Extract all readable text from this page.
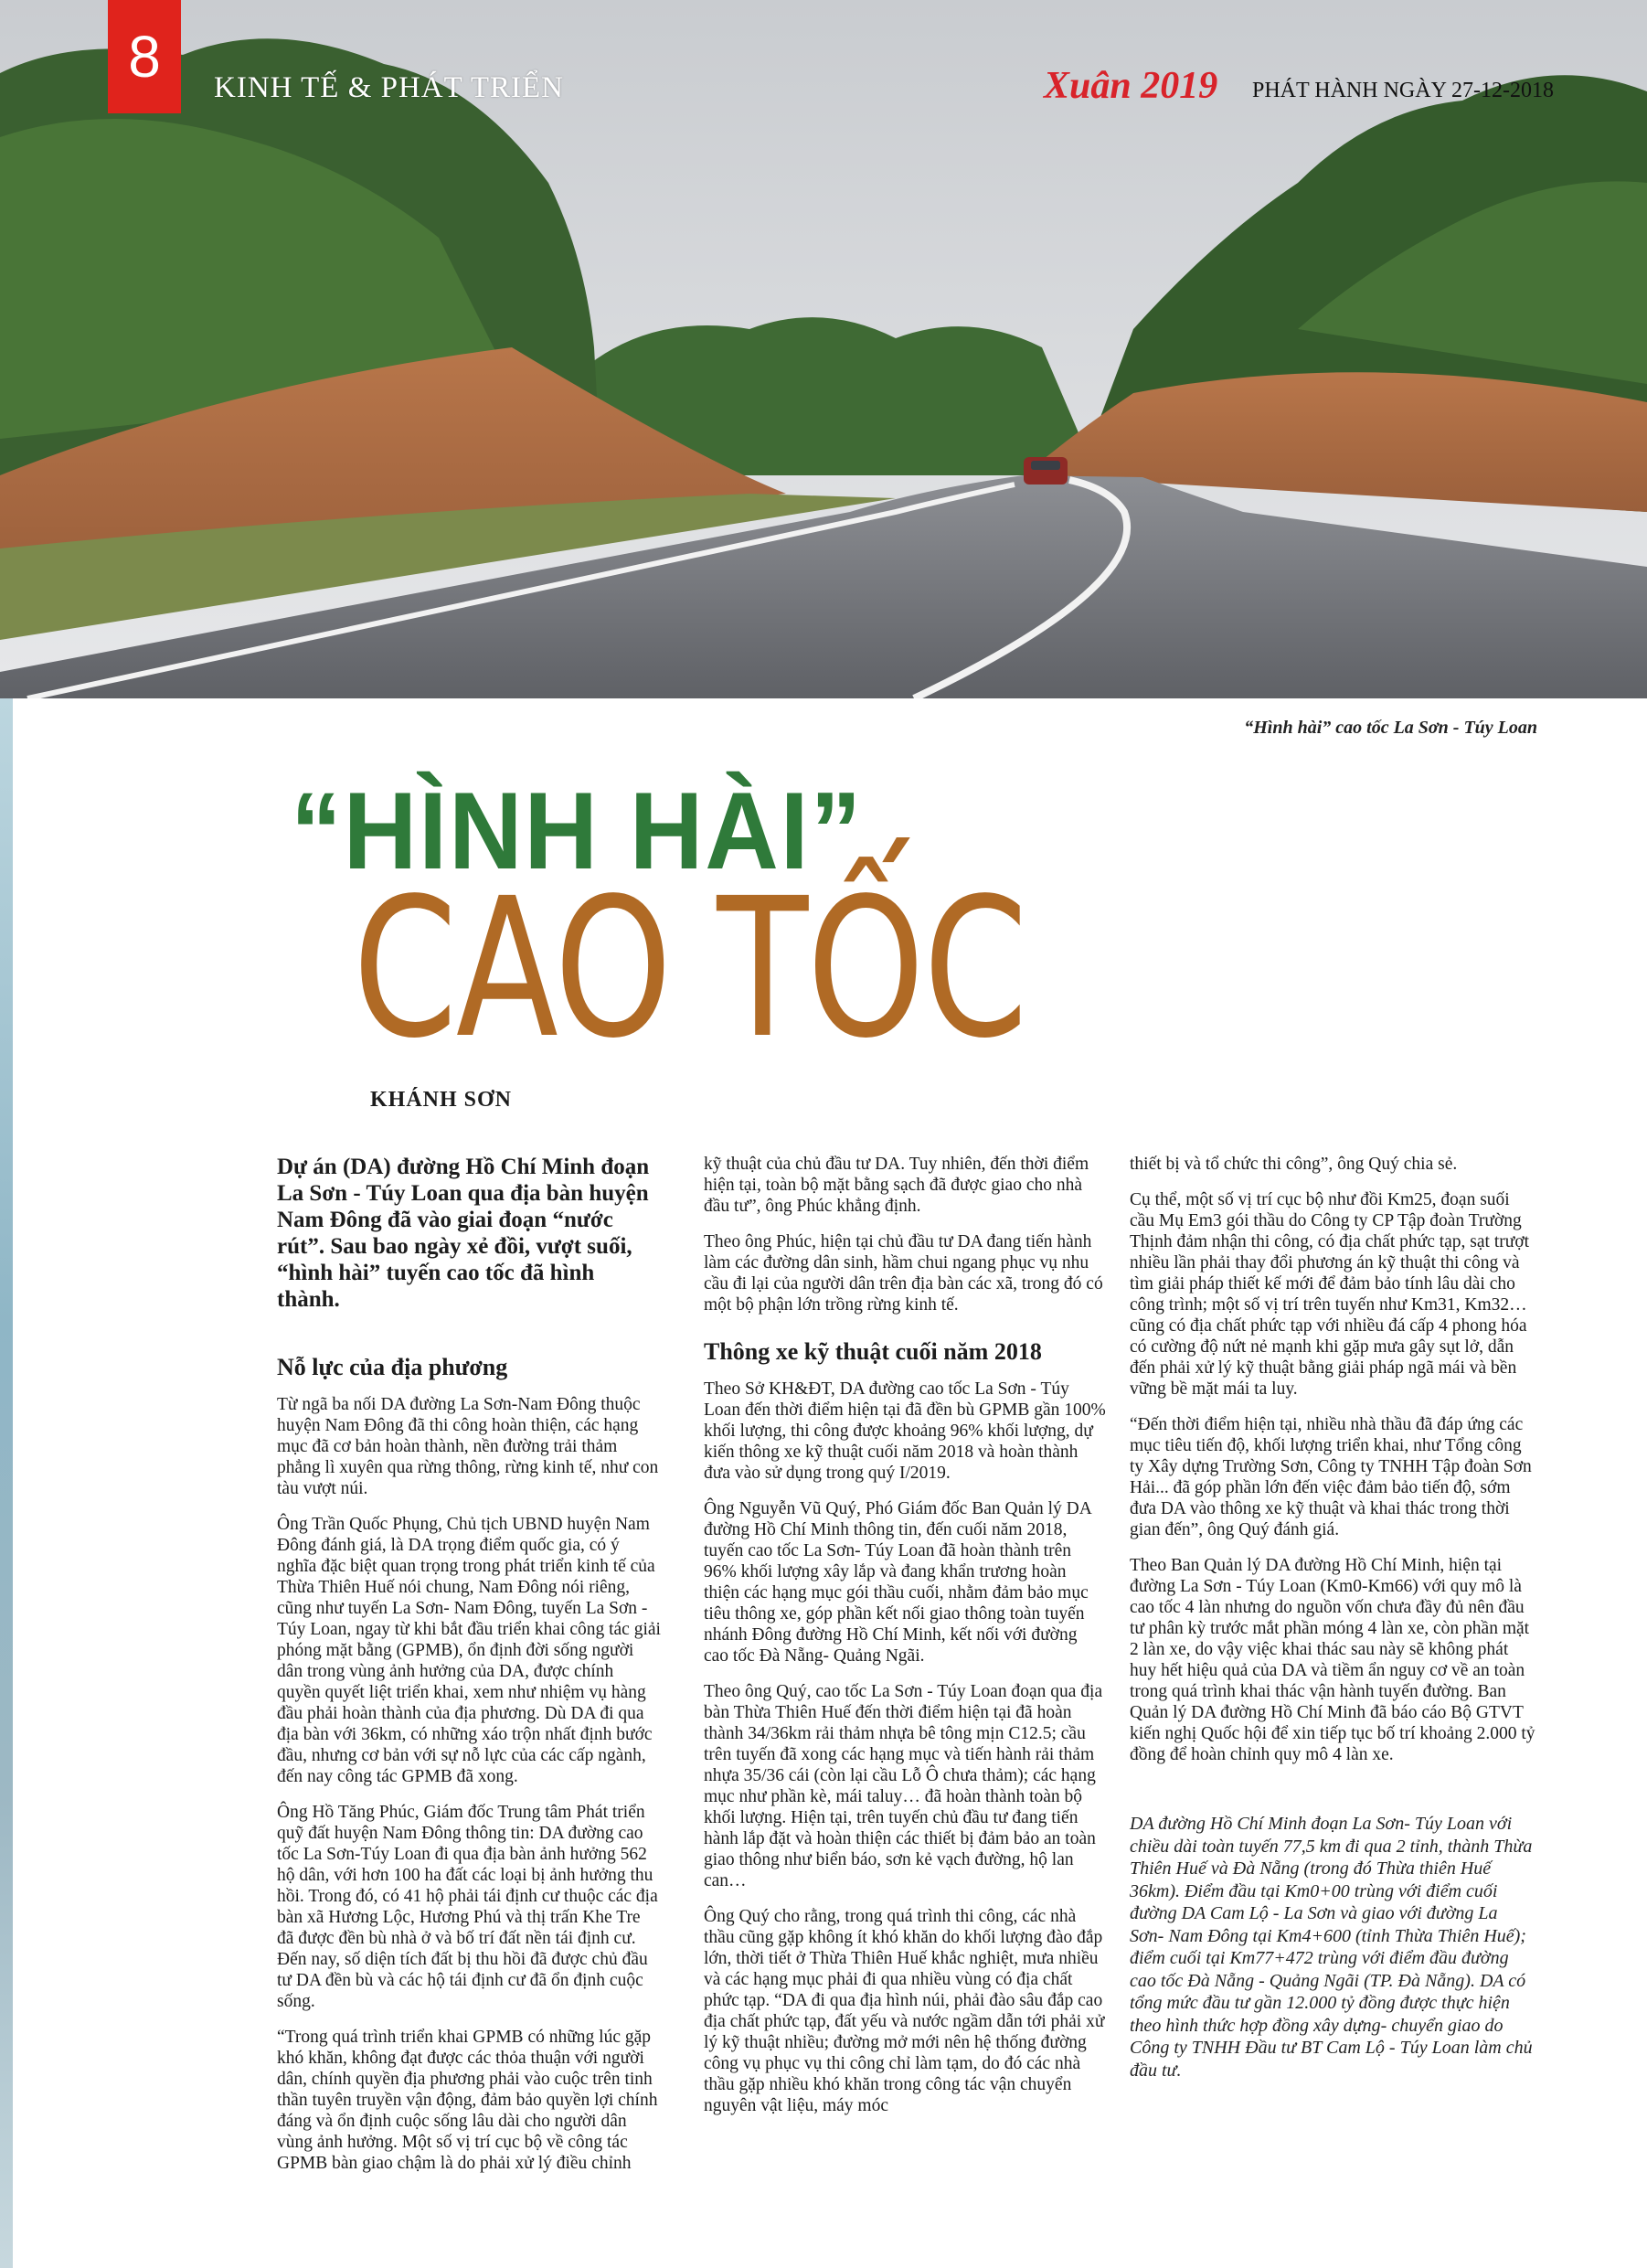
8	KINH TẾ & PHÁT TRIỂN	Xuân 2019 PHÁT HÀNH NGÀY 27-12-2018
“Hình hài” cao tốc La Sơn - Túy Loan
“HÌNH HÀI”
CAO TỐC
KHÁNH SƠN

Dự án (DA) đường Hồ Chí Minh đoạn La Sơn - Túy Loan qua địa bàn huyện Nam Đông đã vào giai đoạn “nước rút”. Sau bao ngày xẻ đồi, vượt suối, “hình hài” tuyến cao tốc đã hình thành.

Nỗ lực của địa phương

Từ ngã ba nối DA đường La Sơn-Nam Đông thuộc huyện Nam Đông đã thi công hoàn thiện, các hạng mục đã cơ bản hoàn thành, nền đường trải thảm phẳng lì xuyên qua rừng thông, rừng kinh tế, như con tàu vượt núi.

Ông Trần Quốc Phụng, Chủ tịch UBND huyện Nam Đông đánh giá, là DA trọng điểm quốc gia, có ý nghĩa đặc biệt quan trọng trong phát triển kinh tế của Thừa Thiên Huế nói chung, Nam Đông nói riêng, cũng như tuyến La Sơn- Nam Đông, tuyến La Sơn - Túy Loan, ngay từ khi bắt đầu triển khai công tác giải phóng mặt bằng (GPMB), ổn định đời sống người dân trong vùng ảnh hưởng của DA, được chính quyền quyết liệt triển khai, xem như nhiệm vụ hàng đầu phải hoàn thành của địa phương. Dù DA đi qua địa bàn với 36km, có những xáo trộn nhất định bước đầu, nhưng cơ bản với sự nỗ lực của các cấp ngành, đến nay công tác GPMB đã xong.

Ông Hồ Tăng Phúc, Giám đốc Trung tâm Phát triển quỹ đất huyện Nam Đông thông tin: DA đường cao tốc La Sơn-Túy Loan đi qua địa bàn ảnh hưởng 562 hộ dân, với hơn 100 ha đất các loại bị ảnh hưởng thu hồi. Trong đó, có 41 hộ phải tái định cư thuộc các địa bàn xã Hương Lộc, Hương Phú và thị trấn Khe Tre đã được đền bù nhà ở và bố trí đất nền tái định cư. Đến nay, số diện tích đất bị thu hồi đã được chủ đầu tư DA đền bù và các hộ tái định cư đã ổn định cuộc sống.

“Trong quá trình triển khai GPMB có những lúc gặp khó khăn, không đạt được các thỏa thuận với người dân, chính quyền địa phương phải vào cuộc trên tinh thần tuyên truyền vận động, đảm bảo quyền lợi chính đáng và ổn định cuộc sống lâu dài cho người dân vùng ảnh hưởng. Một số vị trí cục bộ về công tác GPMB bàn giao chậm là do phải xử lý điều chỉnh

kỹ thuật của chủ đầu tư DA. Tuy nhiên, đến thời điểm hiện tại, toàn bộ mặt bằng sạch đã được giao cho nhà đầu tư”, ông Phúc khẳng định.

Theo ông Phúc, hiện tại chủ đầu tư DA đang tiến hành làm các đường dân sinh, hầm chui ngang phục vụ nhu cầu đi lại của người dân trên địa bàn các xã, trong đó có một bộ phận lớn trồng rừng kinh tế.

Thông xe kỹ thuật cuối năm 2018

Theo Sở KH&ĐT, DA đường cao tốc La Sơn - Túy Loan đến thời điểm hiện tại đã đền bù GPMB gần 100% khối lượng, thi công được khoảng 96% khối lượng, dự kiến thông xe kỹ thuật cuối năm 2018 và hoàn thành đưa vào sử dụng trong quý I/2019.

Ông Nguyễn Vũ Quý, Phó Giám đốc Ban Quản lý DA đường Hồ Chí Minh thông tin, đến cuối năm 2018, tuyến cao tốc La Sơn- Túy Loan đã hoàn thành trên 96% khối lượng xây lắp và đang khẩn trương hoàn thiện các hạng mục gói thầu cuối, nhằm đảm bảo mục tiêu thông xe, góp phần kết nối giao thông toàn tuyến nhánh Đông đường Hồ Chí Minh, kết nối với đường cao tốc Đà Nẵng- Quảng Ngãi.

Theo ông Quý, cao tốc La Sơn - Túy Loan đoạn qua địa bàn Thừa Thiên Huế đến thời điểm hiện tại đã hoàn thành 34/36km rải thảm nhựa bê tông mịn C12.5; cầu trên tuyến đã xong các hạng mục và tiến hành rải thảm nhựa 35/36 cái (còn lại cầu Lỗ Ô chưa thảm); các hạng mục như phần kè, mái taluy… đã hoàn thành toàn bộ khối lượng. Hiện tại, trên tuyến chủ đầu tư đang tiến hành lắp đặt và hoàn thiện các thiết bị đảm bảo an toàn giao thông như biển báo, sơn kẻ vạch đường, hộ lan can…

Ông Quý cho rằng, trong quá trình thi công, các nhà thầu cũng gặp không ít khó khăn do khối lượng đào đắp lớn, thời tiết ở Thừa Thiên Huế khắc nghiệt, mưa nhiều và các hạng mục phải đi qua nhiều vùng có địa chất phức tạp. “DA đi qua địa hình núi, phải đào sâu đắp cao địa chất phức tạp, đất yếu và nước ngầm dẫn tới phải xử lý kỹ thuật nhiều; đường mở mới nên hệ thống đường công vụ phục vụ thi công chỉ làm tạm, do đó các nhà thầu gặp nhiều khó khăn trong công tác vận chuyển nguyên vật liệu, máy móc

thiết bị và tổ chức thi công”, ông Quý chia sẻ.

Cụ thể, một số vị trí cục bộ như đồi Km25, đoạn suối cầu Mụ Em3 gói thầu do Công ty CP Tập đoàn Trường Thịnh đảm nhận thi công, có địa chất phức tạp, sạt trượt nhiều lần phải thay đổi phương án kỹ thuật thi công và tìm giải pháp thiết kế mới để đảm bảo tính lâu dài cho công trình; một số vị trí trên tuyến như Km31, Km32… cũng có địa chất phức tạp với nhiều đá cấp 4 phong hóa có cường độ nứt nẻ mạnh khi gặp mưa gây sụt lở, dẫn đến phải xử lý kỹ thuật bằng giải pháp ngã mái và bền vững bề mặt mái ta luy.

“Đến thời điểm hiện tại, nhiều nhà thầu đã đáp ứng các mục tiêu tiến độ, khối lượng triển khai, như Tổng công ty Xây dựng Trường Sơn, Công ty TNHH Tập đoàn Sơn Hải... đã góp phần lớn đến việc đảm bảo tiến độ, sớm đưa DA vào thông xe kỹ thuật và khai thác trong thời gian đến”, ông Quý đánh giá.

Theo Ban Quản lý DA đường Hồ Chí Minh, hiện tại đường La Sơn - Túy Loan (Km0-Km66) với quy mô là cao tốc 4 làn nhưng do nguồn vốn chưa đầy đủ nên đầu tư phân kỳ trước mắt phần móng 4 làn xe, còn phần mặt 2 làn xe, do vậy việc khai thác sau này sẽ không phát huy hết hiệu quả của DA và tiềm ẩn nguy cơ về an toàn trong quá trình khai thác vận hành tuyến đường. Ban Quản lý DA đường Hồ Chí Minh đã báo cáo Bộ GTVT kiến nghị Quốc hội để xin tiếp tục bố trí khoảng 2.000 tỷ đồng để hoàn chỉnh quy mô 4 làn xe.

DA đường Hồ Chí Minh đoạn La Sơn- Túy Loan với chiều dài toàn tuyến 77,5 km đi qua 2 tỉnh, thành Thừa Thiên Huế và Đà Nẵng (trong đó Thừa thiên Huế 36km). Điểm đầu tại Km0+00 trùng với điểm cuối đường DA Cam Lộ - La Sơn và giao với đường La Sơn- Nam Đông tại Km4+600 (tỉnh Thừa Thiên Huế); điểm cuối tại Km77+472 trùng với điểm đầu đường cao tốc Đà Nẵng - Quảng Ngãi (TP. Đà Nẵng). DA có tổng mức đầu tư gần 12.000 tỷ đồng được thực hiện theo hình thức hợp đồng xây dựng- chuyển giao do Công ty TNHH Đầu tư BT Cam Lộ - Túy Loan làm chủ đầu tư.
